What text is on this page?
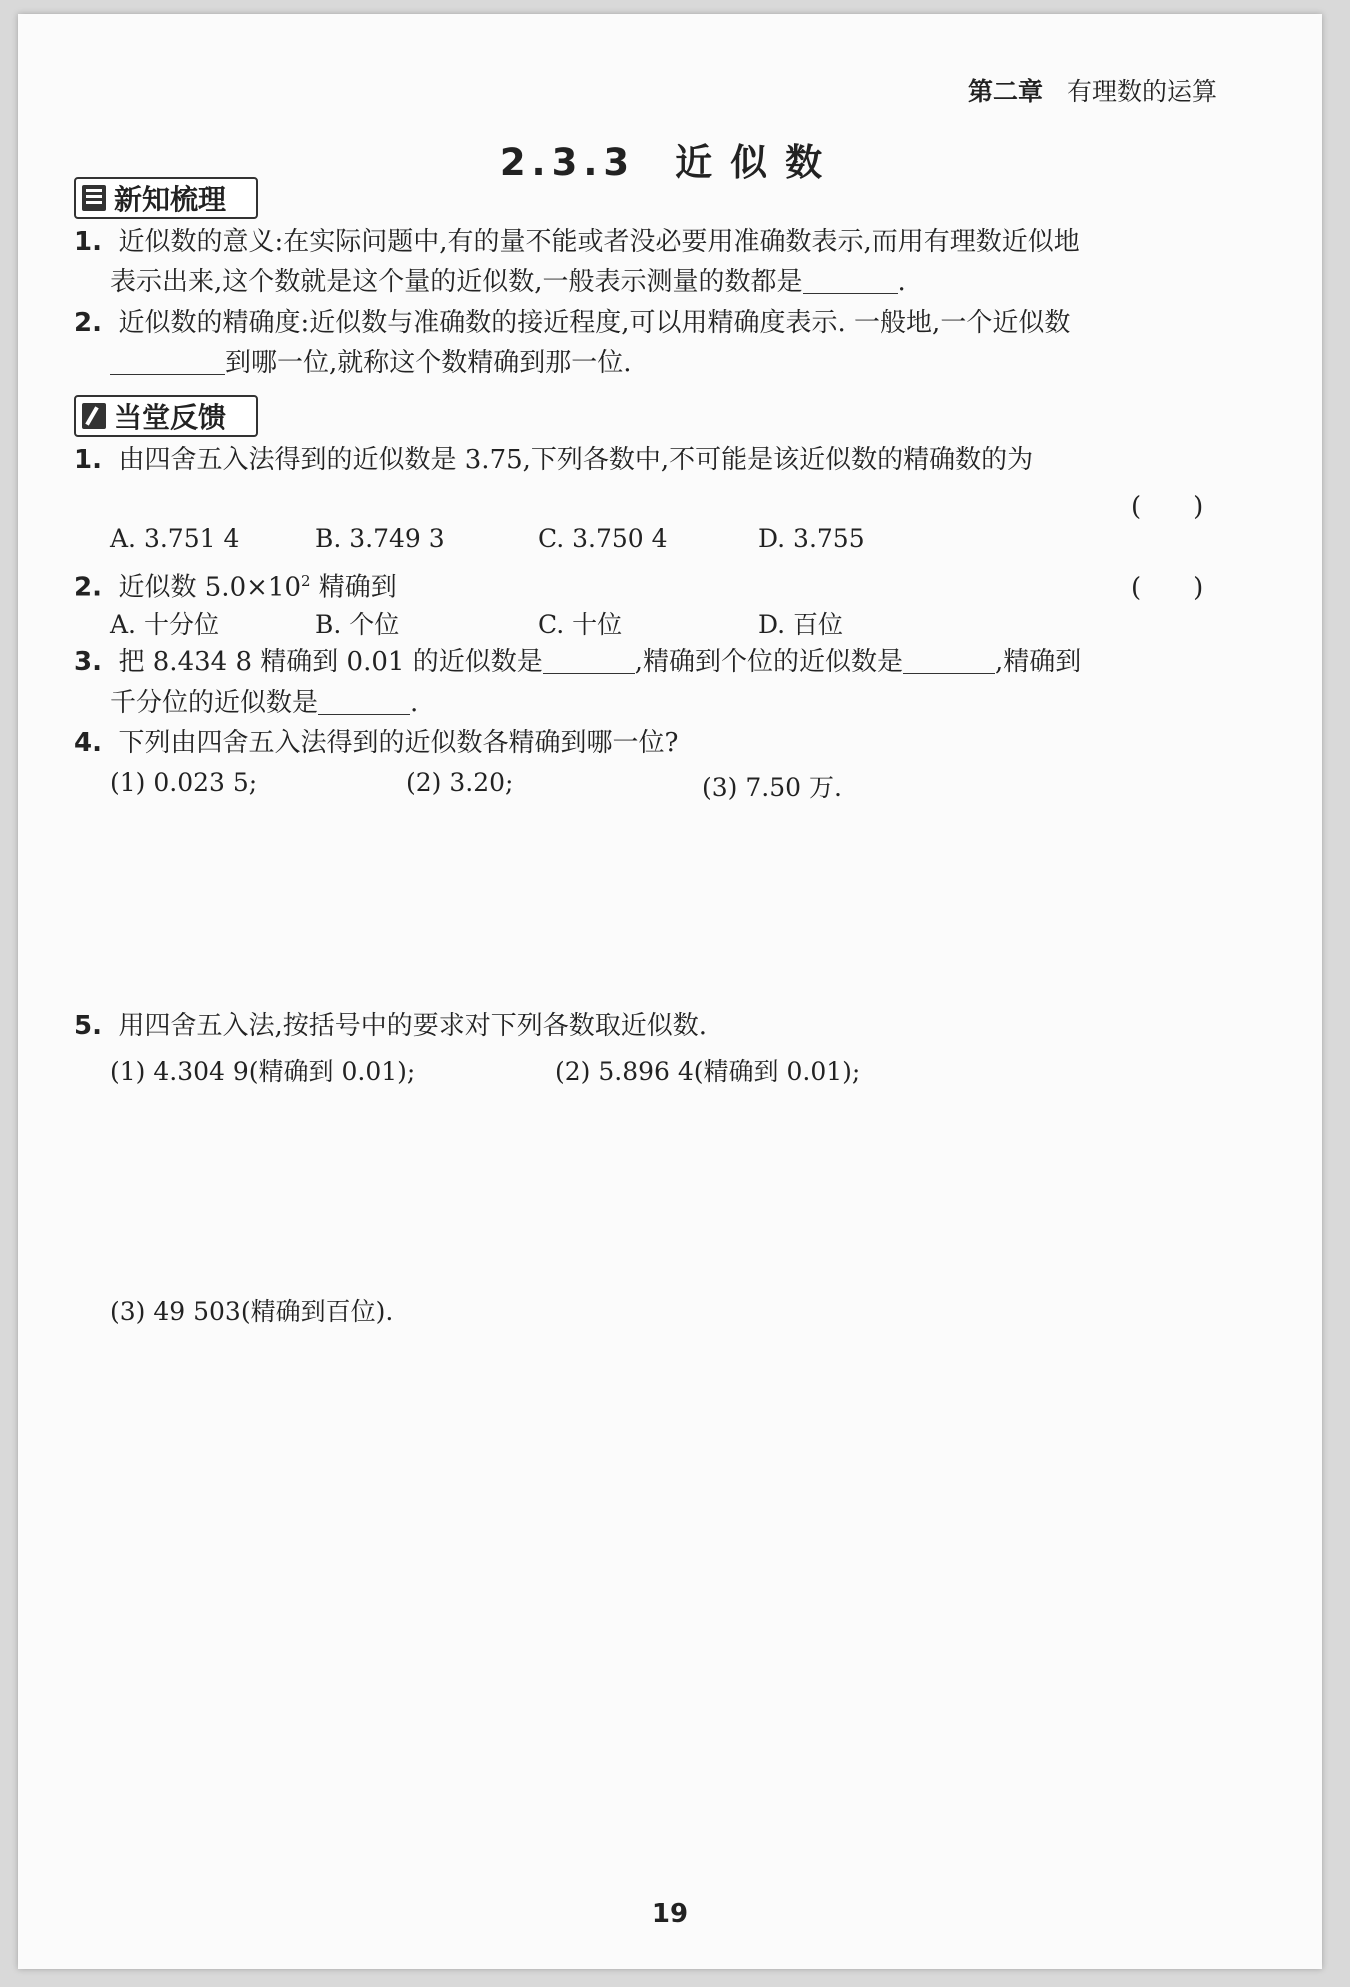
第二章 有理数的运算
2.3.3 近似数
新知梳理
1. 近似数的意义:在实际问题中,有的量不能或者没必要用准确数表示,而用有理数近似地
表示出来,这个数就是这个量的近似数,一般表示测量的数都是	.
2. 近似数的精确度:近似数与准确数的接近程度,可以用精确度表示. 一般地,一个近似数
到哪一位,就称这个数精确到那一位.
当堂反馈
1. 由四舍五入法得到的近似数是 3.75,下列各数中,不可能是该近似数的精确数的为
(　　)
A. 3.751 4	B. 3.749 3	C. 3.750 4	D. 3.755
2. 近似数 $5.0\times 10^2$ 精确到	(　　)
A. 十分位	B. 个位	C. 十位	D. 百位
3. 把 8.434 8 精确到 0.01 的近似数是	,精确到个位的近似数是	,精确到
千分位的近似数是	.
4. 下列由四舍五入法得到的近似数各精确到哪一位?
(1) 0.023 5;	(2) 3.20;	(3) 7.50 万.
5. 用四舍五入法,按括号中的要求对下列各数取近似数.
(1) 4.304 9(精确到 0.01);	(2) 5.896 4(精确到 0.01);
(3) 49 503(精确到百位).
19
